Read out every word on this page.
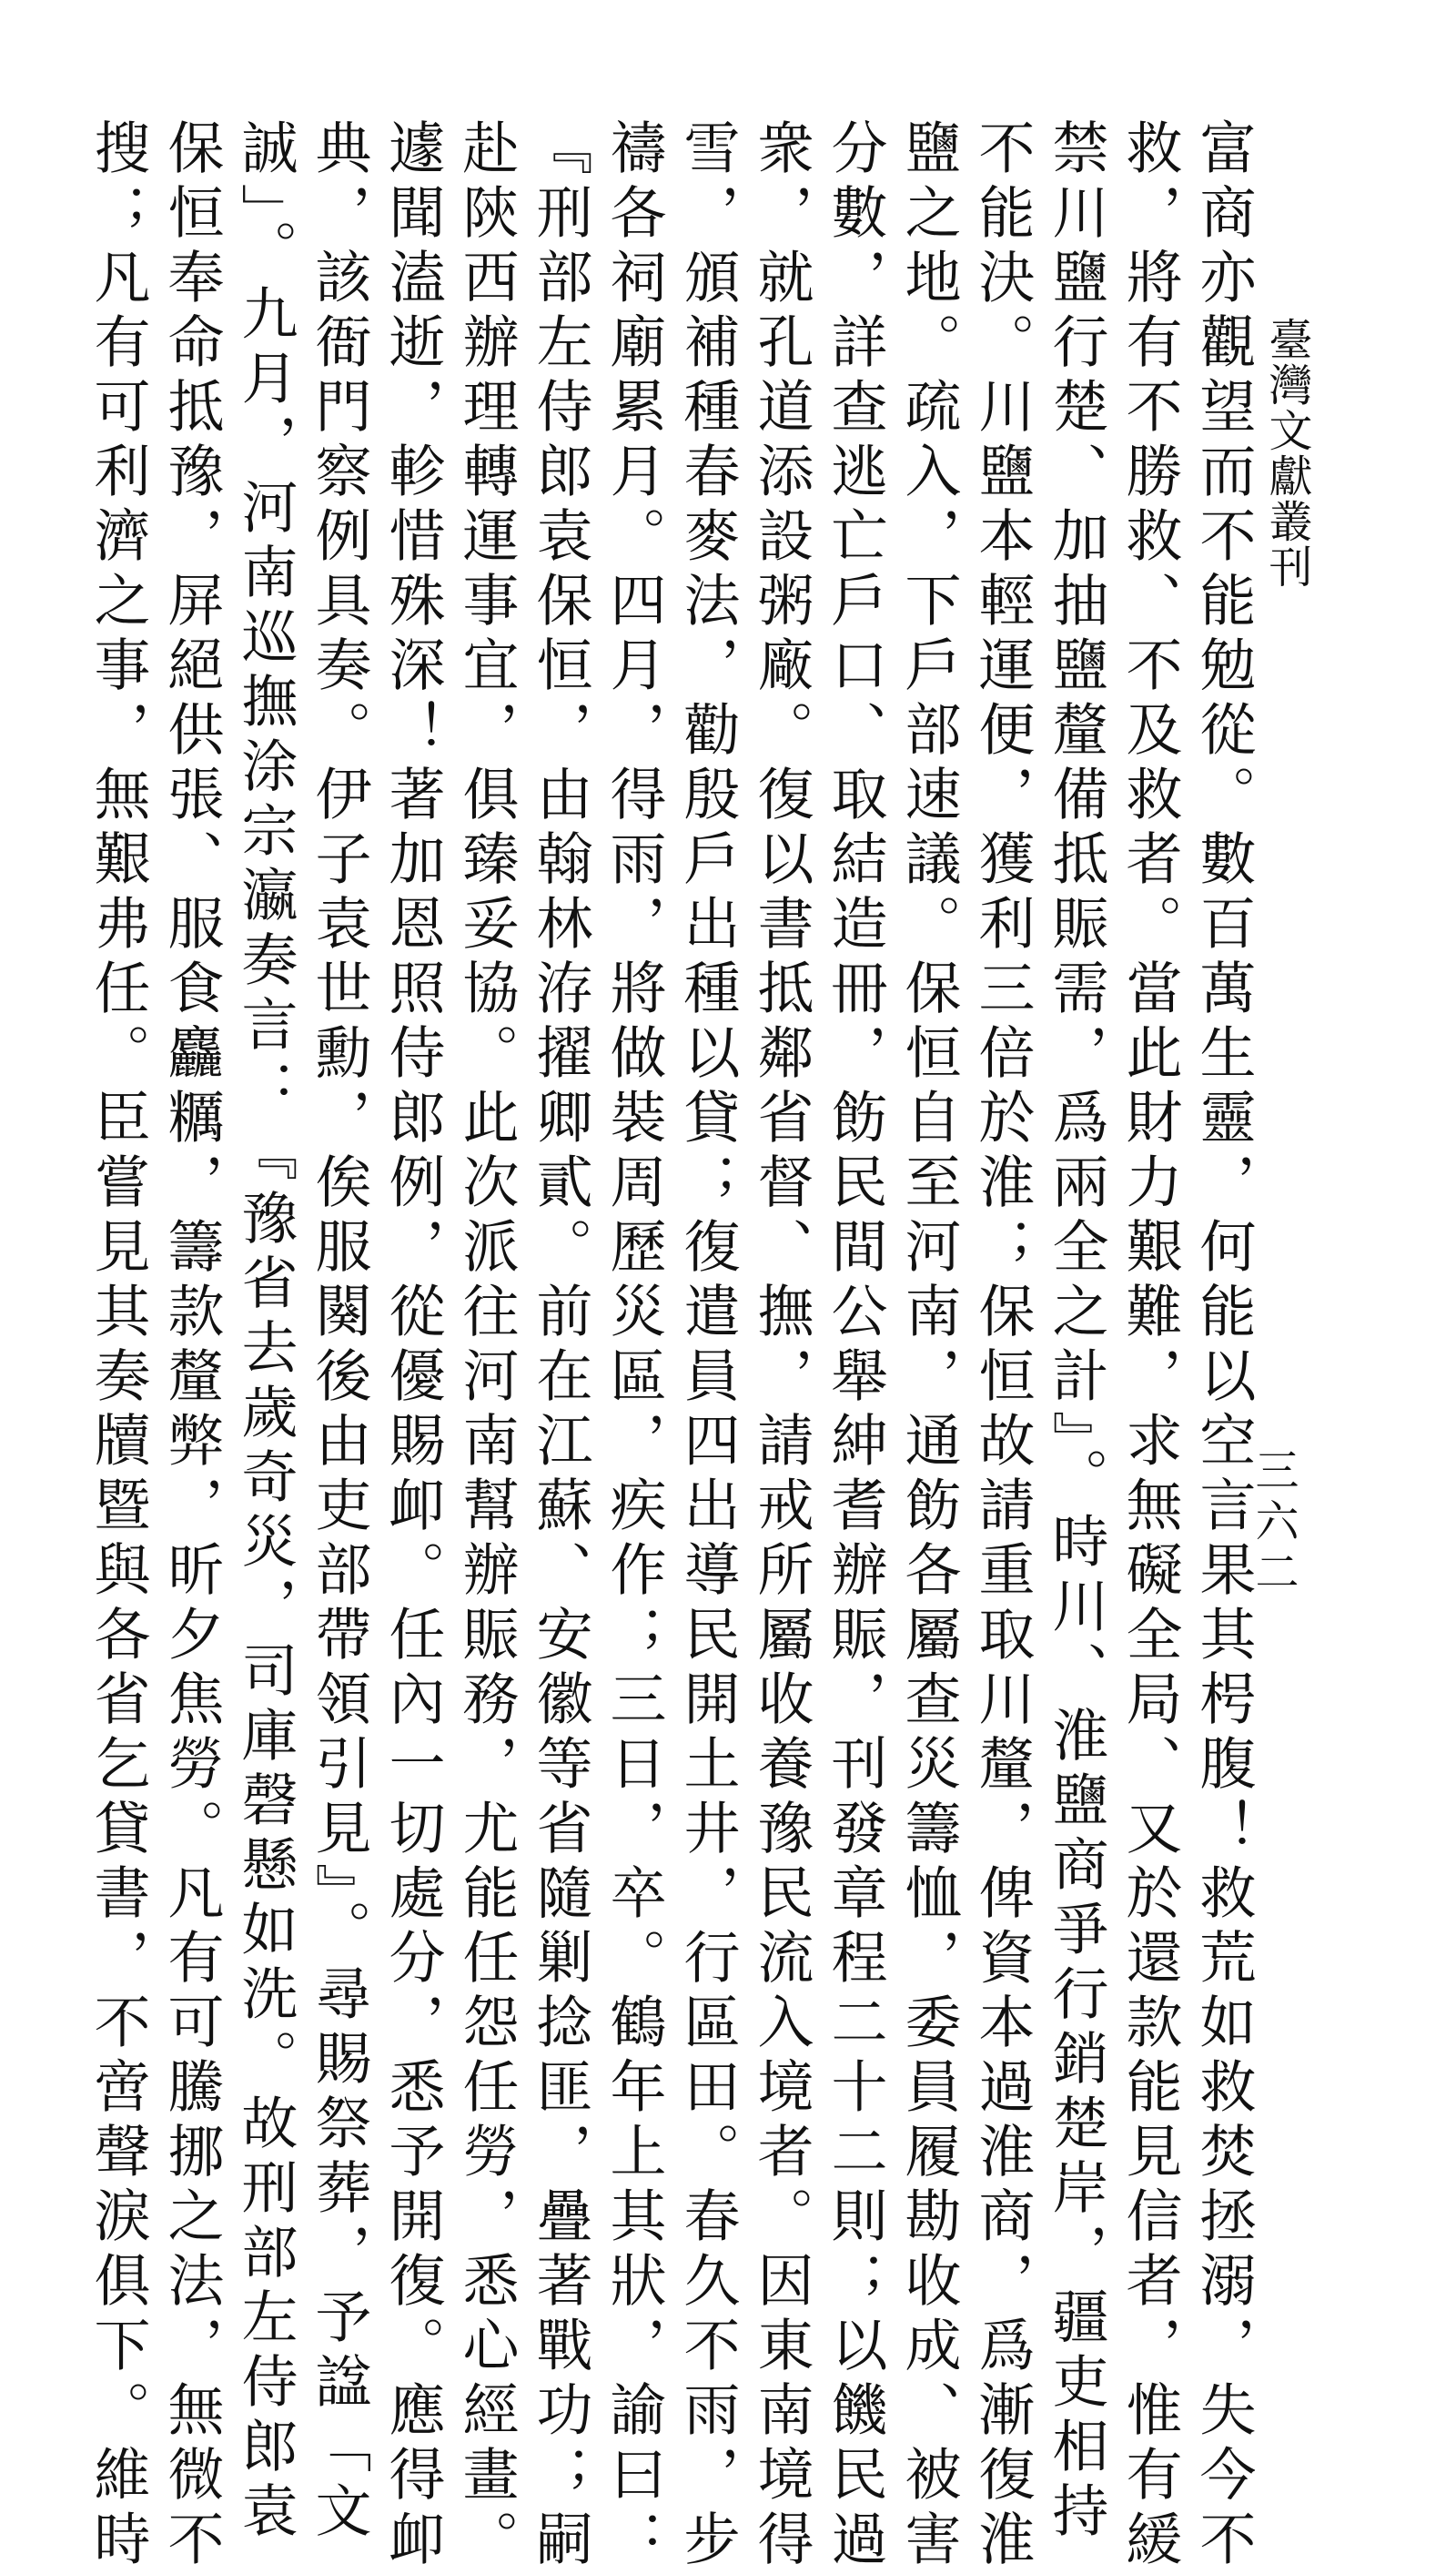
臺灣文獻叢刊
三六二
富商亦觀望而不能勉從。數百萬生靈，何能以空言果其枵腹！救荒如救焚拯溺，失今不
救，將有不勝救、不及救者。當此財力艱難，求無礙全局、又於還款能見信者，惟有緩
禁川鹽行楚、加抽鹽釐備抵賑需，爲兩全之計』。時川、淮鹽商爭行銷楚岸，疆吏相持
不能決。川鹽本輕運便，獲利三倍於淮；保恒故請重取川釐，俾資本過淮商，爲漸復淮
鹽之地。疏入，下戶部速議。保恒自至河南，通飭各屬查災籌恤，委員履勘收成、被害
分數，詳查逃亡戶口、取結造冊，飭民間公舉紳耆辦賑，刊發章程二十二則；以饑民過
衆，就孔道添設粥廠。復以書抵鄰省督、撫，請戒所屬收養豫民流入境者。因東南境得
雪，頒補種春麥法，勸殷戶出種以貸；復遣員四出導民開土井，行區田。春久不雨，步
禱各祠廟累月。四月，得雨，將做裝周歷災區，疾作；三日，卒。鶴年上其狀，諭曰：
『刑部左侍郎袁保恒，由翰林洊擢卿貳。前在江蘇、安徽等省隨剿捻匪，疊著戰功；嗣
赴陝西辦理轉運事宜，俱臻妥協。此次派往河南幫辦賑務，尤能任怨任勞，悉心經畫。
遽聞溘逝，軫惜殊深！著加恩照侍郎例，從優賜卹。任內一切處分，悉予開復。應得卹
典，該衙門察例具奏。伊子袁世勳，俟服闋後由吏部帶領引見』。尋賜祭葬，予諡「文
誠」。九月，河南巡撫涂宗瀛奏言：『豫省去歲奇災，司庫磬懸如洗。故刑部左侍郎袁
保恒奉命抵豫，屏絕供張、服食麤糲，籌款釐弊，昕夕焦勞。凡有可騰挪之法，無微不
搜；凡有可利濟之事，無艱弗任。臣嘗見其奏牘暨與各省乞貸書，不啻聲淚俱下。維時
